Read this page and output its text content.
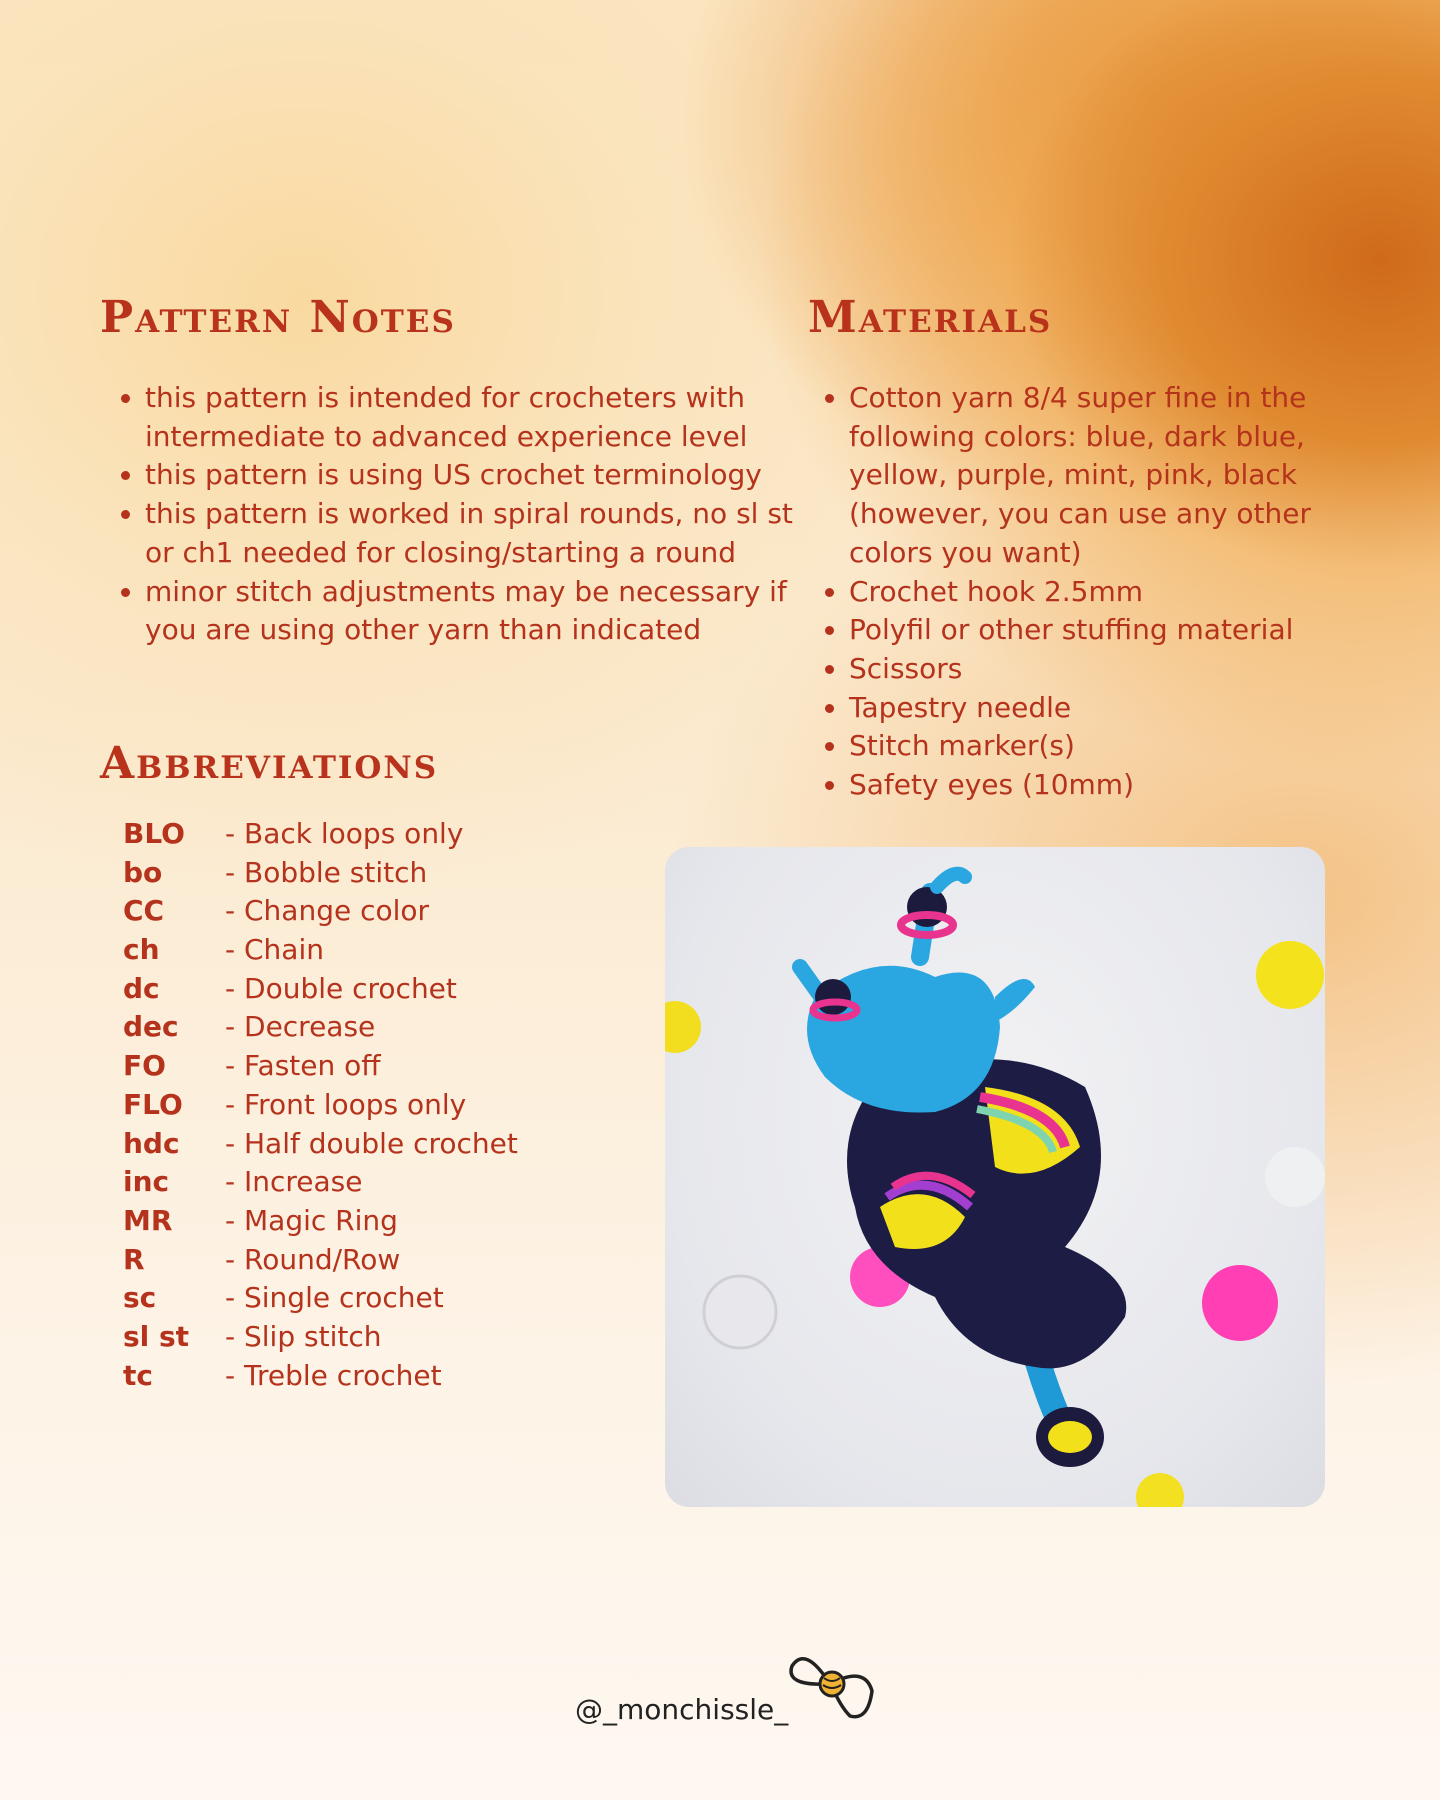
Pattern Notes
• this pattern is intended for crocheters with intermediate to advanced experience level
• this pattern is using US crochet terminology
• this pattern is worked in spiral rounds, no sl st or ch1 needed for closing/starting a round
• minor stitch adjustments may be necessary if you are using other yarn than indicated
Materials
• Cotton yarn 8/4 super fine in the following colors: blue, dark blue, yellow, purple, mint, pink, black (however, you can use any other colors you want)
• Crochet hook 2.5mm
• Polyfil or other stuffing material
• Scissors
• Tapestry needle
• Stitch marker(s)
• Safety eyes (10mm)
Abbreviations
BLO	- Back loops only
bo	- Bobble stitch
CC	- Change color
ch	- Chain
dc	- Double crochet
dec	- Decrease
FO	- Fasten off
FLO	- Front loops only
hdc	- Half double crochet
inc	- Increase
MR	- Magic Ring
R	- Round/Row
sc	- Single crochet
sl st	- Slip stitch
tc	- Treble crochet
@_monchissle_
